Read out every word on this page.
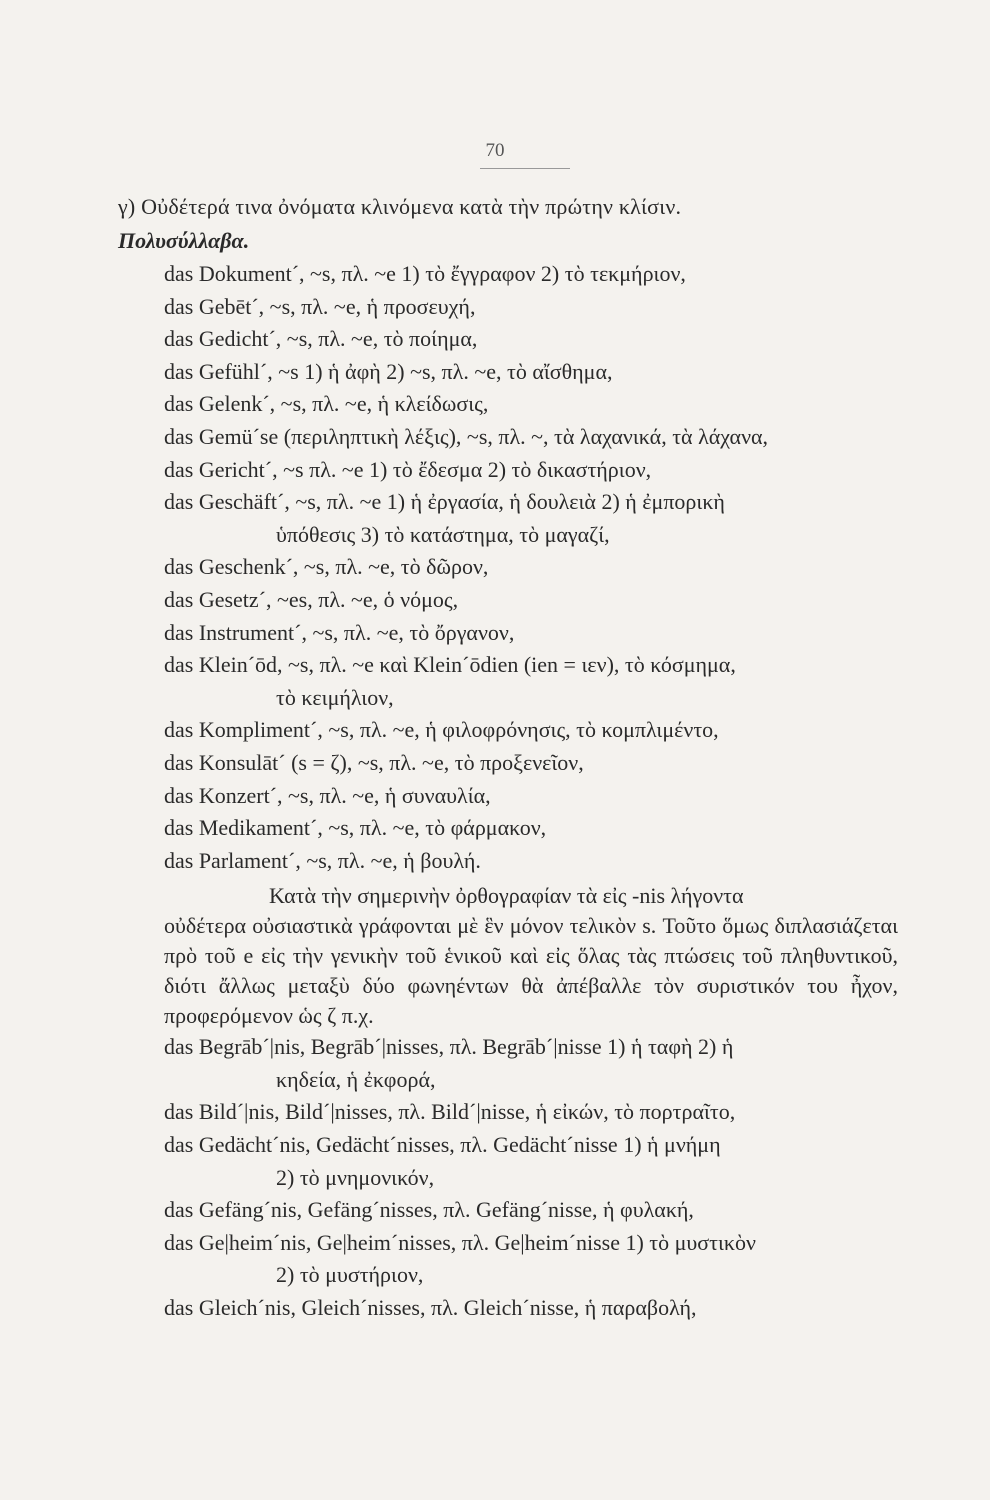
70
γ) Οὐδέτερά τινα ὀνόματα κλινόμενα κατὰ τὴν πρώτην κλίσιν.
Πολυσύλλαβα.
das Dokument´, ~s, πλ. ~e 1) τὸ ἔγγραφον 2) τὸ τεκμήριον,
das Gebēt´, ~s, πλ. ~e, ἡ προσευχή,
das Gedicht´, ~s, πλ. ~e, τὸ ποίημα,
das Gefühl´, ~s 1) ἡ ἀφὴ 2) ~s, πλ. ~e, τὸ αἴσθημα,
das Gelenk´, ~s, πλ. ~e, ἡ κλείδωσις,
das Gemü´se (περιληπτικὴ λέξις), ~s, πλ. ~, τὰ λαχανικά, τὰ λάχανα,
das Gericht´, ~s πλ. ~e 1) τὸ ἔδεσμα 2) τὸ δικαστήριον,
das Geschäft´, ~s, πλ. ~e 1) ἡ ἐργασία, ἡ δουλειὰ 2) ἡ ἐμπορικὴ
ὑπόθεσις 3) τὸ κατάστημα, τὸ μαγαζί,
das Geschenk´, ~s, πλ. ~e, τὸ δῶρον,
das Gesetz´, ~es, πλ. ~e, ὁ νόμος,
das Instrument´, ~s, πλ. ~e, τὸ ὄργανον,
das Klein´ōd, ~s, πλ. ~e καὶ Klein´ōdien (ien = ιεν), τὸ κόσμημα,
τὸ κειμήλιον,
das Kompliment´, ~s, πλ. ~e, ἡ φιλοφρόνησις, τὸ κομπλιμέντο,
das Konsulāt´ (s = ζ), ~s, πλ. ~e, τὸ προξενεῖον,
das Konzert´, ~s, πλ. ~e, ἡ συναυλία,
das Medikament´, ~s, πλ. ~e, τὸ φάρμακον,
das Parlament´, ~s, πλ. ~e, ἡ βουλή.
Κατὰ τὴν σημερινὴν ὀρθογραφίαν τὰ εἰς -nis λήγοντα
οὐδέτερα οὐσιαστικὰ γράφονται μὲ ἓν μόνον τελικὸν s. Τοῦτο ὅμως διπλασιάζεται πρὸ τοῦ e εἰς τὴν γενικὴν τοῦ ἑνικοῦ καὶ εἰς ὅλας τὰς πτώσεις τοῦ πληθυντικοῦ, διότι ἄλλως μεταξὺ δύο φωνηέντων θὰ ἀπέβαλλε τὸν συριστικόν του ἦχον, προφερόμενον ὡς ζ π.χ.
das Begrāb´|nis, Begrāb´|nisses, πλ. Begrāb´|nisse 1) ἡ ταφὴ 2) ἡ
κηδεία, ἡ ἐκφορά,
das Bild´|nis, Bild´|nisses, πλ. Bild´|nisse, ἡ εἰκών, τὸ πορτραῖτο,
das Gedächt´nis, Gedächt´nisses, πλ. Gedächt´nisse 1) ἡ μνήμη
2) τὸ μνημονικόν,
das Gefäng´nis, Gefäng´nisses, πλ. Gefäng´nisse, ἡ φυλακή,
das Ge|heim´nis, Ge|heim´nisses, πλ. Ge|heim´nisse 1) τὸ μυστικὸν
2) τὸ μυστήριον,
das Gleich´nis, Gleich´nisses, πλ. Gleich´nisse, ἡ παραβολή,
